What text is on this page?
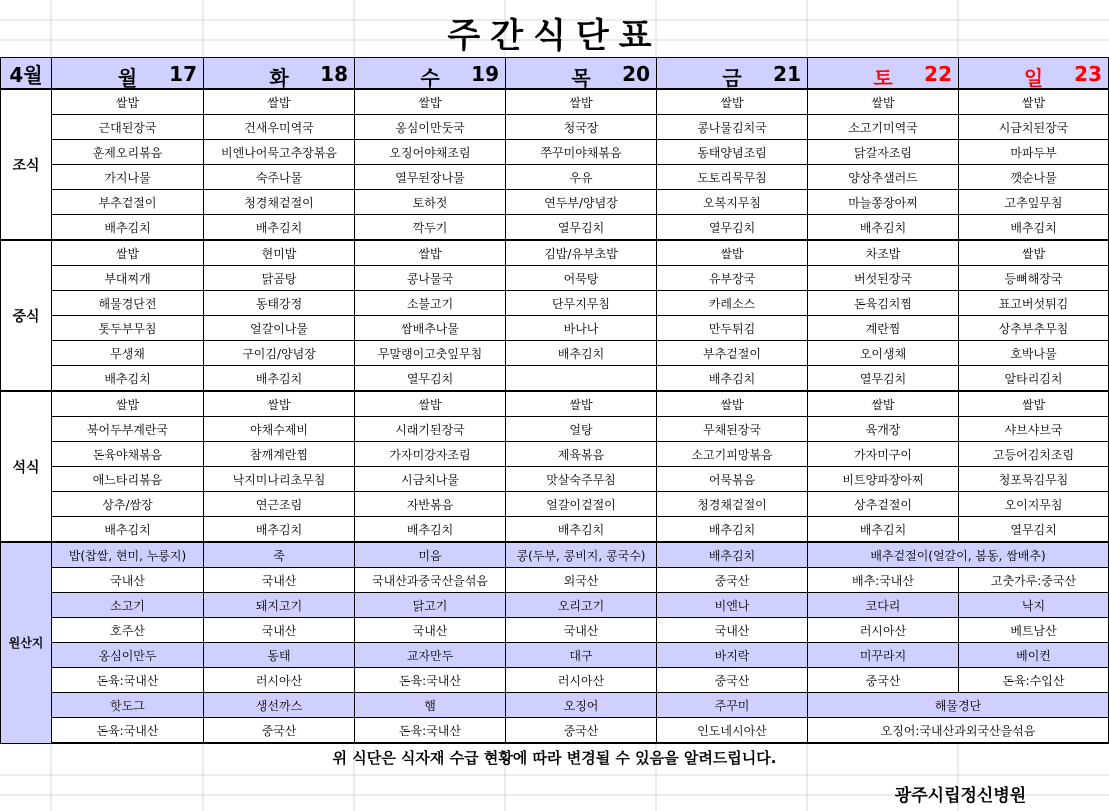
주간식단표
4월	월 17	화 18	수 19	목 20	금 21	토 22	일 23

조식	쌀밥	쌀밥	쌀밥	쌀밥	쌀밥	쌀밥	쌀밥
	근대된장국	건새우미역국	옹심이만둣국	청국장	콩나물김치국	소고기미역국	시금치된장국
	훈제오리볶음	비엔나어묵고추장볶음	오징어야채조림	쭈꾸미야채볶음	동태양념조림	닭갈자조림	마파두부
	가지나물	숙주나물	열무된장나물	우유	도토리묵무침	양상추샐러드	깻순나물
	부추겉절이	청경채겉절이	토하젓	연두부/양념장	오복지무침	마늘쫑장아찌	고추잎무침
	배추김치	배추김치	깍두기	열무김치	열무김치	배추김치	배추김치
중식	쌀밥	현미밥	쌀밥	김밥/유부초밥	쌀밥	차조밥	쌀밥
	부대찌개	닭곰탕	콩나물국	어묵탕	유부장국	버섯된장국	등뼈해장국
	해물경단전	동태강정	소불고기	단무지무침	카레소스	돈육김치찜	표고버섯튀김
	톳두부무침	얼갈이나물	쌈배추나물	바나나	만두튀김	계란찜	상추부추무침
	무생채	구이김/양념장	무말랭이고춧잎무침	배추김치	부추겉절이	오이생채	호박나물
	배추김치	배추김치	열무김치		배추김치	열무김치	알타리김치
석식	쌀밥	쌀밥	쌀밥	쌀밥	쌀밥	쌀밥	쌀밥
	북어두부계란국	야채수제비	시래기된장국	얼탕	무채된장국	육개장	샤브샤브국
	돈육야채볶음	참깨계란찜	가자미강자조림	제육볶음	소고기피망볶음	가자미구이	고등어김치조림
	애느타리볶음	낙지미나리초무침	시금치나물	맛살숙주무침	어묵볶음	비트양파장아찌	청포묵김무침
	상추/쌈장	연근조림	자반볶음	얼갈이겉절이	청경채겉절이	상추겉절이	오이지무침
	배추김치	배추김치	배추김치	배추김치	배추김치	배추김치	열무김치
원산지	밥(찹쌀, 현미, 누룽지)	죽	미음	콩(두부, 콩비지, 콩국수)	배추김치	배추겉절이(얼갈이, 봄동, 쌈배추)	
	국내산	국내산	국내산과중국산을섞음	외국산	중국산	배추:국내산	고춧가루:중국산
	소고기	돼지고기	닭고기	오리고기	비엔나	코다리	낙지
	호주산	국내산	국내산	국내산	국내산	러시아산	베트남산
	옹심이만두	동태	교자만두	대구	바지락	미꾸라지	베이컨
	돈육:국내산	러시아산	돈육:국내산	러시아산	중국산	중국산	돈육:수입산
	핫도그	생선까스	햄	오징어	주꾸미	해물경단	
	돈육:국내산	중국산	돈육:국내산	중국산	인도네시아산	오징어:국내산과외국산을섞음	
위 식단은 식자재 수급 현황에 따라 변경될 수 있음을 알려드립니다.
광주시립정신병원
